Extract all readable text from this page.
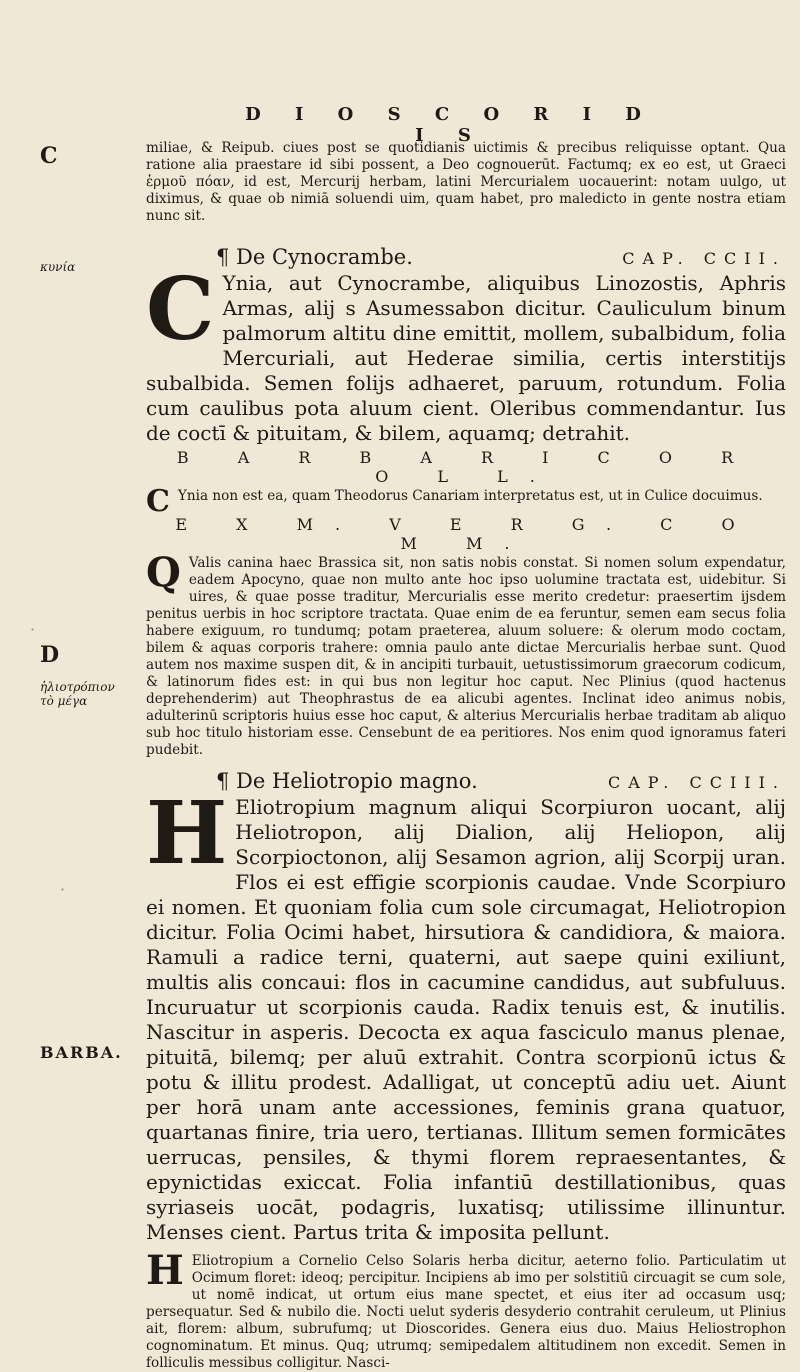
D I O S C O R I D I S
C
κυνία
D
ἡλιοτρόπιον τὸ μέγα
BARBA.
·
·

miliae, & Reipub. ciues post se quotidianis uictimis & precibus reliquisse optant. Qua ratione alia praestare id sibi possent, a Deo cognouerūt. Factumq; ex eo est, ut Graeci ἑρμοῦ πόαν, id est, Mercurij herbam, latini Mercurialem uocauerint: notam uulgo, ut diximus, & quae ob nimiā soluendi uim, quam habet, pro maledicto in gente nostra etiam nunc sit.

¶ De Cynocrambe.	CAP. CCII.

C Ynia, aut Cynocrambe, aliquibus Linozostis, Aphris Armas, alij s Asumessabon dicitur. Cauliculum binum palmorum altitu dine emittit, mollem, subalbidum, folia Mercuriali, aut Hederae similia, certis interstitijs subalbida. Semen folijs adhaeret, paruum, rotundum. Folia cum caulibus pota aluum cient. Oleribus commendantur. Ius de coctī & pituitam, & bilem, aquamq; detrahit.

B A R B A R I C O R O L L.

C Ynia non est ea, quam Theodorus Canariam interpretatus est, ut in Culice docuimus.

E X M. V E R G. C O M M.

Q Valis canina haec Brassica sit, non satis nobis constat. Si nomen solum expendatur, eadem Apocyno, quae non multo ante hoc ipso uolumine tractata est, uidebitur. Si uires, & quae posse traditur, Mercurialis esse merito credetur: praesertim ijsdem penitus uerbis in hoc scriptore tractata. Quae enim de ea feruntur, semen eam secus folia habere exiguum, ro tundumq; potam praeterea, aluum soluere: & olerum modo coctam, bilem & aquas corporis trahere: omnia paulo ante dictae Mercurialis herbae sunt. Quod autem nos maxime suspen dit, & in ancipiti turbauit, uetustissimorum graecorum codicum, & latinorum fides est: in qui bus non legitur hoc caput. Nec Plinius (quod hactenus deprehenderim) aut Theophrastus de ea alicubi agentes. Inclinat ideo animus nobis, adulterinū scriptoris huius esse hoc caput, & alterius Mercurialis herbae traditam ab aliquo sub hoc titulo historiam esse. Censebunt de ea peritiores. Nos enim quod ignoramus fateri pudebit.

¶ De Heliotropio magno.	CAP. CCIII.

H Eliotropium magnum aliqui Scorpiuron uocant, alij Heliotropon, alij Dialion, alij Heliopon, alij Scorpioctonon, alij Sesamon agrion, alij Scorpij uran. Flos ei est effigie scorpionis caudae. Vnde Scorpiuro ei nomen. Et quoniam folia cum sole circumagat, Heliotropion dicitur. Folia Ocimi habet, hirsutiora & candidiora, & maiora. Ramuli a radice terni, quaterni, aut saepe quini exiliunt, multis alis concaui: flos in cacumine candidus, aut subfuluus. Incuruatur ut scorpionis cauda. Radix tenuis est, & inutilis. Nascitur in asperis. Decocta ex aqua fasciculo manus plenae, pituitā, bilemq; per aluū extrahit. Contra scorpionū ictus & potu & illitu prodest. Adalligat, ut conceptū adiu uet. Aiunt per horā unam ante accessiones, feminis grana quatuor, quartanas finire, tria uero, tertianas. Illitum semen formicātes uerrucas, pensiles, & thymi florem repraesentantes, & epynictidas exiccat. Folia infantiū destillationibus, quas syriaseis uocāt, podagris, luxatisq; utilissime illinuntur. Menses cient. Partus trita & imposita pellunt.

H Eliotropium a Cornelio Celso Solaris herba dicitur, aeterno folio. Particulatim ut Ocimum floret: ideoq; percipitur. Incipiens ab imo per solstitiū circuagit se cum sole, ut nomē indicat, ut ortum eius mane spectet, et eius iter ad occasum usq; persequatur. Sed & nubilo die. Nocti uelut syderis desyderio contrahit ceruleum, ut Plinius ait, florem: album, subrufumq; ut Dioscorides. Genera eius duo. Maius Heliostrophon cognominatum. Et minus. Quq; utrumq; semipedalem altitudinem non excedit. Semen in folliculis messibus colligitur. Nasci-
